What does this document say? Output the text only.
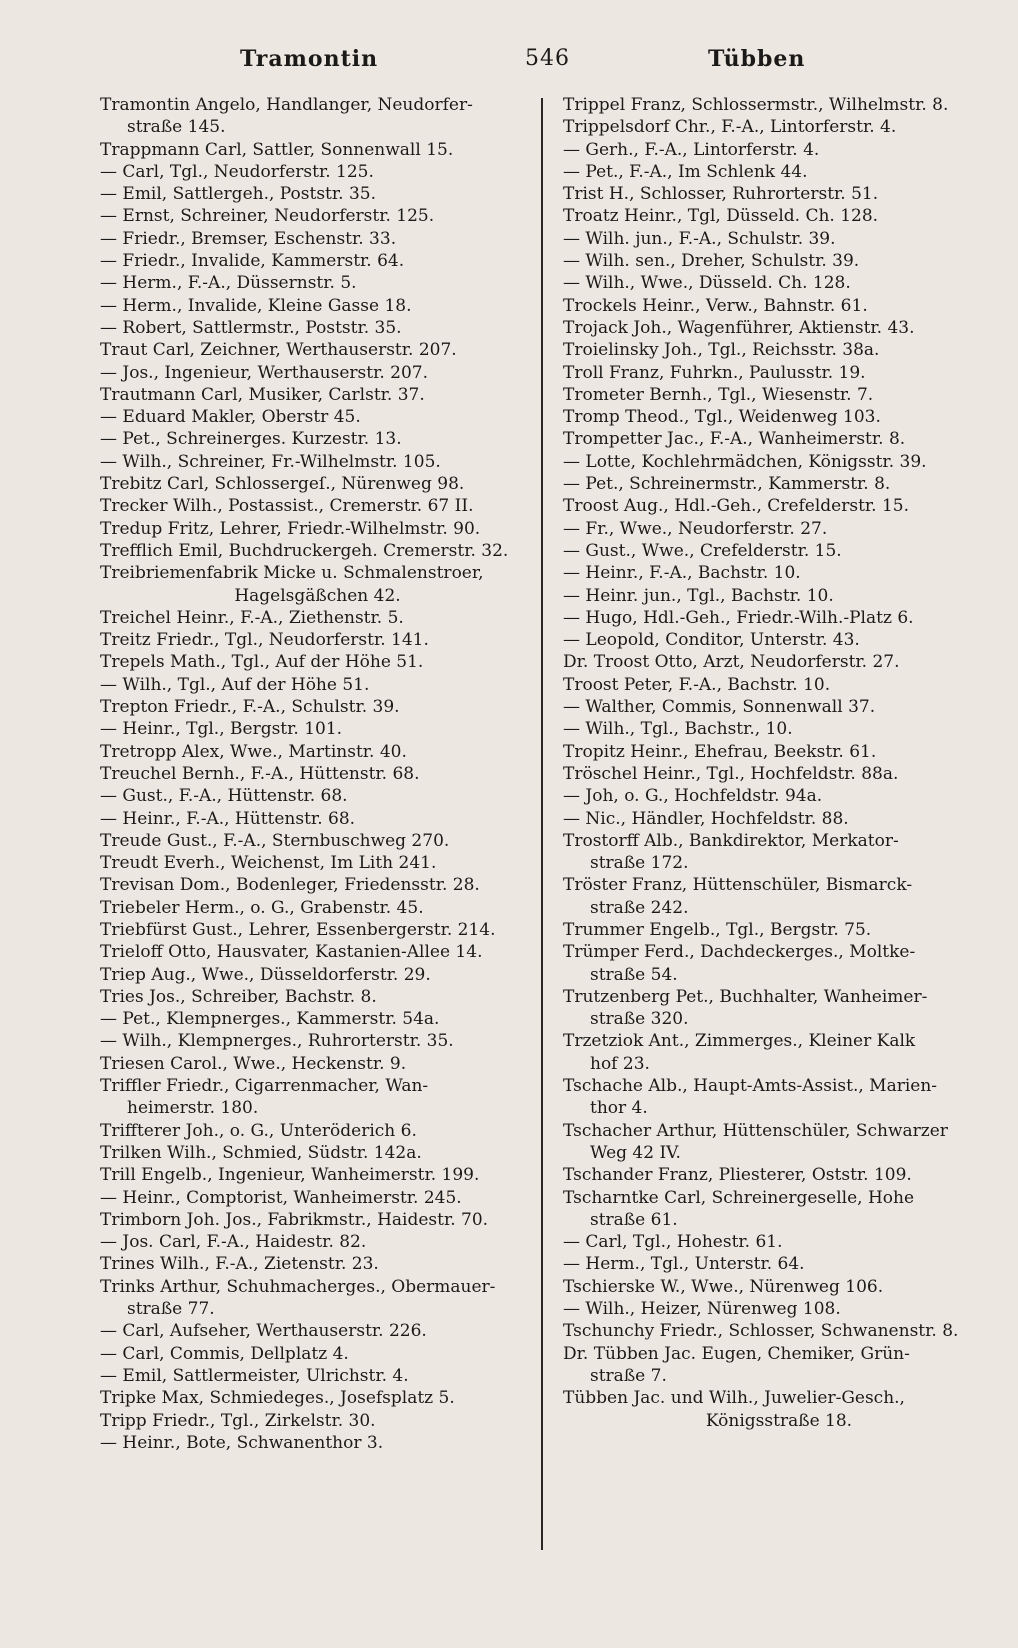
Tramontin	546	Tübben
Tramontin Angelo, Handlanger, Neudorfer-
straße 145.
Trappmann Carl, Sattler, Sonnenwall 15.
— Carl, Tgl., Neudorferstr. 125.
— Emil, Sattlergeh., Poststr. 35.
— Ernst, Schreiner, Neudorferstr. 125.
— Friedr., Bremser, Eschenstr. 33.
— Friedr., Invalide, Kammerstr. 64.
— Herm., F.-A., Düssernstr. 5.
— Herm., Invalide, Kleine Gasse 18.
— Robert, Sattlermstr., Poststr. 35.
Traut Carl, Zeichner, Werthauserstr. 207.
— Jos., Ingenieur, Werthauserstr. 207.
Trautmann Carl, Musiker, Carlstr. 37.
— Eduard Makler, Oberstr 45.
— Pet., Schreinerges. Kurzestr. 13.
— Wilh., Schreiner, Fr.-Wilhelmstr. 105.
Trebitz Carl, Schlossergeſ., Nürenweg 98.
Trecker Wilh., Postassist., Cremerstr. 67 II.
Tredup Fritz, Lehrer, Friedr.-Wilhelmstr. 90.
Trefflich Emil, Buchdruckergeh. Cremerstr. 32.
Treibriemenfabrik Micke u. Schmalenstroer,
Hagelsgäßchen 42.
Treichel Heinr., F.-A., Ziethenstr. 5.
Treitz Friedr., Tgl., Neudorferstr. 141.
Trepels Math., Tgl., Auf der Höhe 51.
— Wilh., Tgl., Auf der Höhe 51.
Trepton Friedr., F.-A., Schulstr. 39.
— Heinr., Tgl., Bergstr. 101.
Tretropp Alex, Wwe., Martinstr. 40.
Treuchel Bernh., F.-A., Hüttenstr. 68.
— Gust., F.-A., Hüttenstr. 68.
— Heinr., F.-A., Hüttenstr. 68.
Treude Gust., F.-A., Sternbuschweg 270.
Treudt Everh., Weichenst, Im Lith 241.
Trevisan Dom., Bodenleger, Friedensstr. 28.
Triebeler Herm., o. G., Grabenstr. 45.
Triebfürst Gust., Lehrer, Essenbergerstr. 214.
Trieloff Otto, Hausvater, Kastanien-Allee 14.
Triep Aug., Wwe., Düsseldorferstr. 29.
Tries Jos., Schreiber, Bachstr. 8.
— Pet., Klempnerges., Kammerstr. 54a.
— Wilh., Klempnerges., Ruhrorterstr. 35.
Triesen Carol., Wwe., Heckenstr. 9.
Triffler Friedr., Cigarrenmacher, Wan-
heimerstr. 180.
Triffterer Joh., o. G., Unteröderich 6.
Trilken Wilh., Schmied, Südstr. 142a.
Trill Engelb., Ingenieur, Wanheimerstr. 199.
— Heinr., Comptorist, Wanheimerstr. 245.
Trimborn Joh. Jos., Fabrikmstr., Haidestr. 70.
— Jos. Carl, F.-A., Haidestr. 82.
Trines Wilh., F.-A., Zietenstr. 23.
Trinks Arthur, Schuhmacherges., Obermauer-
straße 77.
— Carl, Aufseher, Werthauserstr. 226.
— Carl, Commis, Dellplatz 4.
— Emil, Sattlermeister, Ulrichstr. 4.
Tripke Max, Schmiedeges., Josefsplatz 5.
Tripp Friedr., Tgl., Zirkelstr. 30.
— Heinr., Bote, Schwanenthor 3.
Trippel Franz, Schlossermstr., Wilhelmstr. 8.
Trippelsdorf Chr., F.-A., Lintorferstr. 4.
— Gerh., F.-A., Lintorferstr. 4.
— Pet., F.-A., Im Schlenk 44.
Trist H., Schlosser, Ruhrorterstr. 51.
Troatz Heinr., Tgl, Düsseld. Ch. 128.
— Wilh. jun., F.-A., Schulstr. 39.
— Wilh. sen., Dreher, Schulstr. 39.
— Wilh., Wwe., Düsseld. Ch. 128.
Trockels Heinr., Verw., Bahnstr. 61.
Trojack Joh., Wagenführer, Aktienstr. 43.
Troielinsky Joh., Tgl., Reichsstr. 38a.
Troll Franz, Fuhrkn., Paulusstr. 19.
Trometer Bernh., Tgl., Wiesenstr. 7.
Tromp Theod., Tgl., Weidenweg 103.
Trompetter Jac., F.-A., Wanheimerstr. 8.
— Lotte, Kochlehrmädchen, Königsstr. 39.
— Pet., Schreinermstr., Kammerstr. 8.
Troost Aug., Hdl.-Geh., Crefelderstr. 15.
— Fr., Wwe., Neudorferstr. 27.
— Gust., Wwe., Crefelderstr. 15.
— Heinr., F.-A., Bachstr. 10.
— Heinr. jun., Tgl., Bachstr. 10.
— Hugo, Hdl.-Geh., Friedr.-Wilh.-Platz 6.
— Leopold, Conditor, Unterstr. 43.
Dr. Troost Otto, Arzt, Neudorferstr. 27.
Troost Peter, F.-A., Bachstr. 10.
— Walther, Commis, Sonnenwall 37.
— Wilh., Tgl., Bachstr., 10.
Tropitz Heinr., Ehefrau, Beekstr. 61.
Tröschel Heinr., Tgl., Hochfeldstr. 88a.
— Joh, o. G., Hochfeldstr. 94a.
— Nic., Händler, Hochfeldstr. 88.
Trostorff Alb., Bankdirektor, Merkator-
straße 172.
Tröster Franz, Hüttenschüler, Bismarck-
straße 242.
Trummer Engelb., Tgl., Bergstr. 75.
Trümper Ferd., Dachdeckerges., Moltke-
straße 54.
Trutzenberg Pet., Buchhalter, Wanheimer-
straße 320.
Trzetziok Ant., Zimmerges., Kleiner Kalk
hof 23.
Tschache Alb., Haupt-Amts-Assist., Marien-
thor 4.
Tschacher Arthur, Hüttenschüler, Schwarzer
Weg 42 IV.
Tschander Franz, Pliesterer, Oststr. 109.
Tscharntke Carl, Schreinergeselle, Hohe
straße 61.
— Carl, Tgl., Hohestr. 61.
— Herm., Tgl., Unterstr. 64.
Tschierske W., Wwe., Nürenweg 106.
— Wilh., Heizer, Nürenweg 108.
Tschunchy Friedr., Schlosser, Schwanenstr. 8.
Dr. Tübben Jac. Eugen, Chemiker, Grün-
straße 7.
Tübben Jac. und Wilh., Juwelier-Gesch.,
Königsstraße 18.
